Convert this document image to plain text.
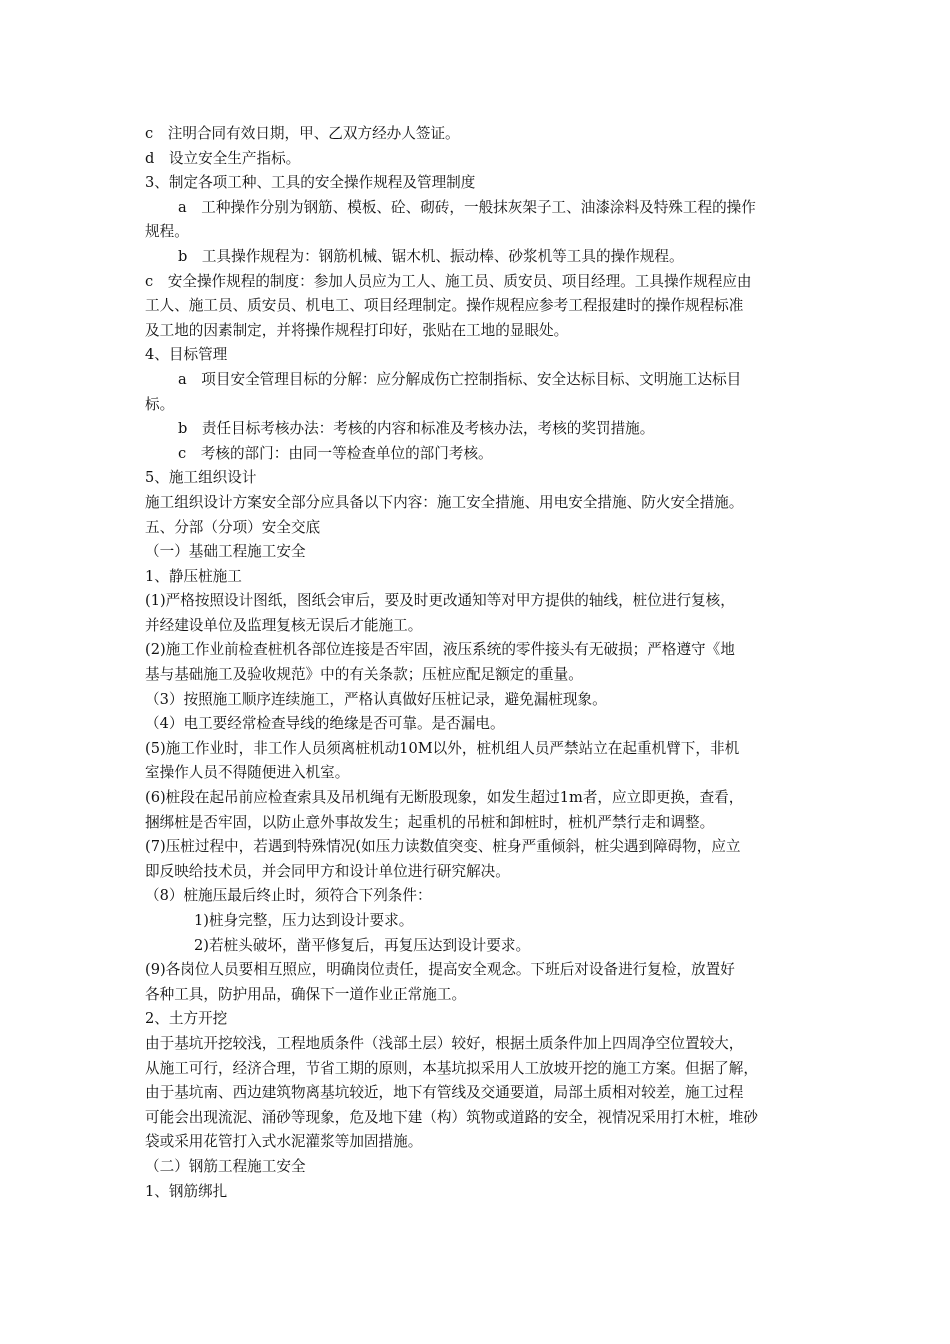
c　注明合同有效日期，甲、乙双方经办人签证。
d　设立安全生产指标。
3、制定各项工种、工具的安全操作规程及管理制度
a　工种操作分别为钢筋、模板、砼、砌砖，一般抹灰架子工、油漆涂料及特殊工程的操作
规程。
b　工具操作规程为：钢筋机械、锯木机、振动棒、砂浆机等工具的操作规程。
c　安全操作规程的制度：参加人员应为工人、施工员、质安员、项目经理。工具操作规程应由
工人、施工员、质安员、机电工、项目经理制定。操作规程应参考工程报建时的操作规程标准
及工地的因素制定，并将操作规程打印好，张贴在工地的显眼处。
4、目标管理
a　项目安全管理目标的分解：应分解成伤亡控制指标、安全达标目标、文明施工达标目
标。
b　责任目标考核办法：考核的内容和标准及考核办法，考核的奖罚措施。
c　考核的部门：由同一等检查单位的部门考核。
5、施工组织设计
施工组织设计方案安全部分应具备以下内容：施工安全措施、用电安全措施、防火安全措施。
五、分部（分项）安全交底
（一）基础工程施工安全
1、静压桩施工
(1)严格按照设计图纸，图纸会审后，要及时更改通知等对甲方提供的轴线，桩位进行复核，
并经建设单位及监理复核无误后才能施工。
(2)施工作业前检查桩机各部位连接是否牢固，液压系统的零件接头有无破损；严格遵守《地
基与基础施工及验收规范》中的有关条款；压桩应配足额定的重量。
（3）按照施工顺序连续施工，严格认真做好压桩记录，避免漏桩现象。
（4）电工要经常检查导线的绝缘是否可靠。是否漏电。
(5)施工作业时，非工作人员须离桩机动10M以外，桩机组人员严禁站立在起重机臂下，非机
室操作人员不得随便进入机室。
(6)桩段在起吊前应检查索具及吊机绳有无断股现象，如发生超过1m者，应立即更换，查看，
捆绑桩是否牢固，以防止意外事故发生；起重机的吊桩和卸桩时，桩机严禁行走和调整。
(7)压桩过程中，若遇到特殊情况(如压力读数值突变、桩身严重倾斜，桩尖遇到障碍物，应立
即反映给技术员，并会同甲方和设计单位进行研究解决。
（8）桩施压最后终止时，须符合下列条件：
1)桩身完整，压力达到设计要求。
2)若桩头破坏，凿平修复后，再复压达到设计要求。
(9)各岗位人员要相互照应，明确岗位责任，提高安全观念。下班后对设备进行复检，放置好
各种工具，防护用品，确保下一道作业正常施工。
2、土方开挖
由于基坑开挖较浅，工程地质条件（浅部土层）较好，根据土质条件加上四周净空位置较大，
从施工可行，经济合理，节省工期的原则，本基坑拟采用人工放坡开挖的施工方案。但据了解，
由于基坑南、西边建筑物离基坑较近，地下有管线及交通要道，局部土质相对较差，施工过程
可能会出现流泥、涌砂等现象，危及地下建（构）筑物或道路的安全，视情况采用打木桩，堆砂
袋或采用花管打入式水泥灌浆等加固措施。
（二）钢筋工程施工安全
1、钢筋绑扎
